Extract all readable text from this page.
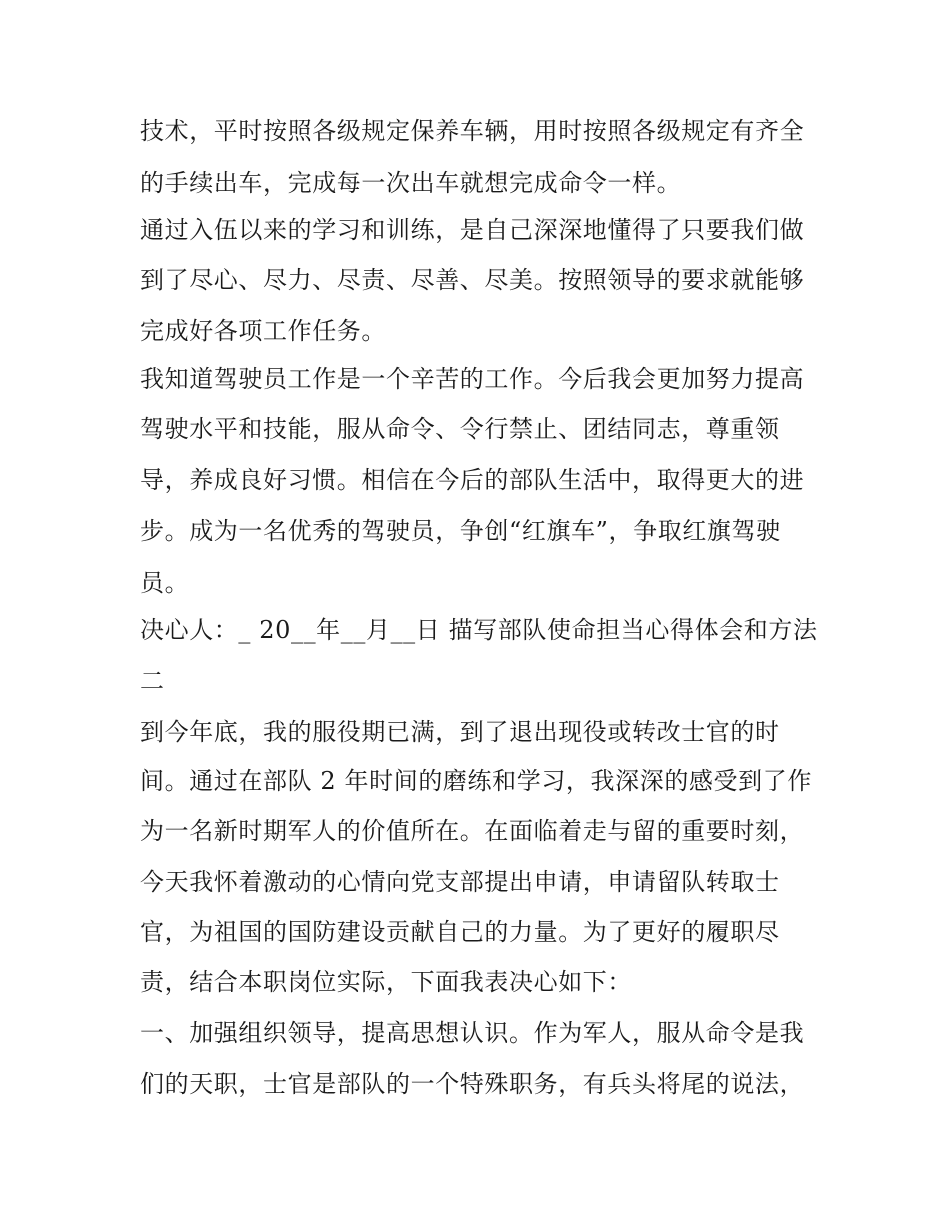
技术，平时按照各级规定保养车辆，用时按照各级规定有齐全
的手续出车，完成每一次出车就想完成命令一样。
通过入伍以来的学习和训练，是自己深深地懂得了只要我们做
到了尽心、尽力、尽责、尽善、尽美。按照领导的要求就能够
完成好各项工作任务。
我知道驾驶员工作是一个辛苦的工作。今后我会更加努力提高
驾驶水平和技能，服从命令、令行禁止、团结同志，尊重领
导，养成良好习惯。相信在今后的部队生活中，取得更大的进
步。成为一名优秀的驾驶员，争创“红旗车”，争取红旗驾驶
员。
决心人：_ 20__年__月__日 描写部队使命担当心得体会和方法
二
到今年底，我的服役期已满，到了退出现役或转改士官的时
间。通过在部队 2 年时间的磨练和学习，我深深的感受到了作
为一名新时期军人的价值所在。在面临着走与留的重要时刻，
今天我怀着激动的心情向党支部提出申请，申请留队转取士
官，为祖国的国防建设贡献自己的力量。为了更好的履职尽
责，结合本职岗位实际，下面我表决心如下：
一、加强组织领导，提高思想认识。作为军人，服从命令是我
们的天职，士官是部队的一个特殊职务，有兵头将尾的说法，
